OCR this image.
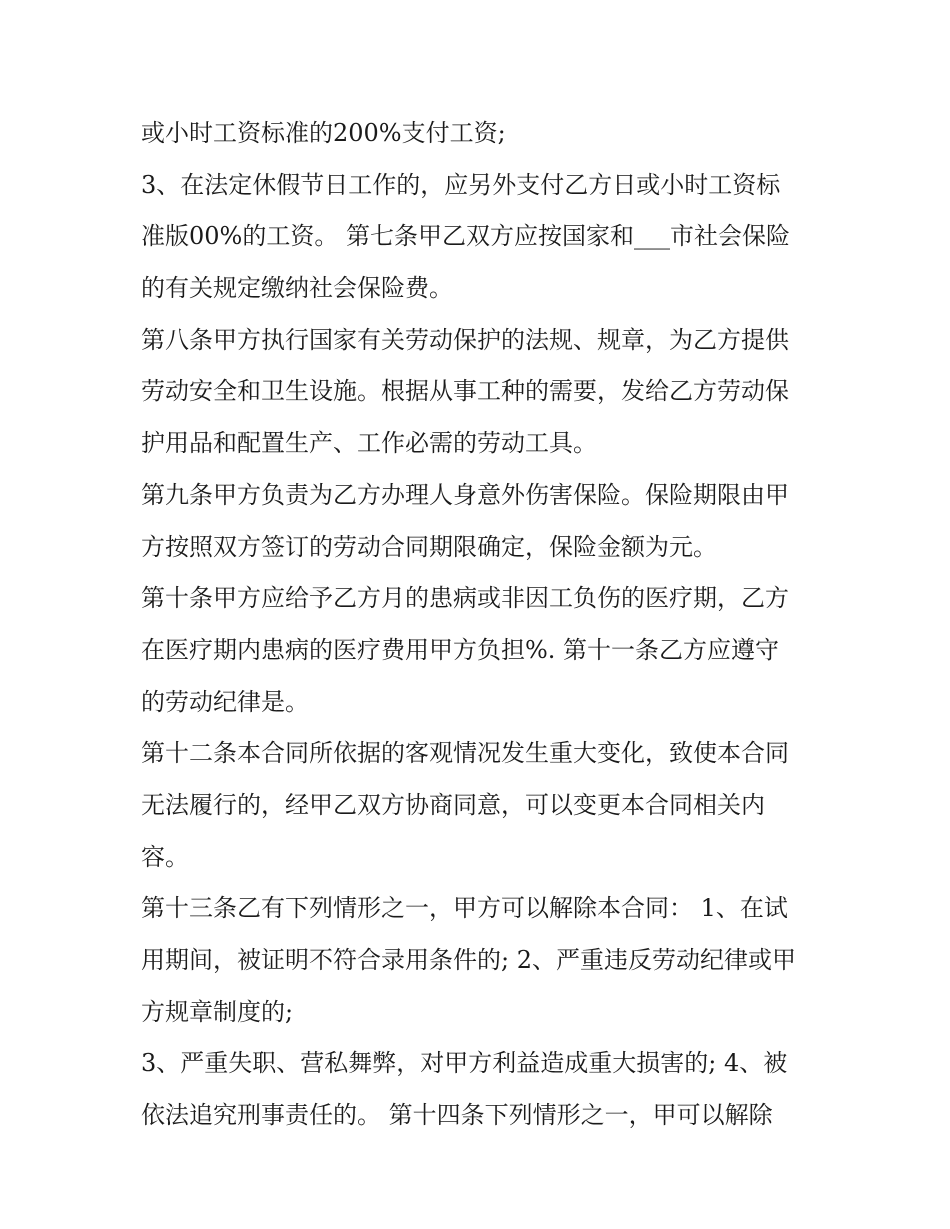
或小时工资标准的200%支付工资;
3、在法定休假节日工作的，应另外支付乙方日或小时工资标
准版00%的工资。 第七条甲乙双方应按国家和___市社会保险
的有关规定缴纳社会保险费。
第八条甲方执行国家有关劳动保护的法规、规章，为乙方提供
劳动安全和卫生设施。根据从事工种的需要，发给乙方劳动保
护用品和配置生产、工作必需的劳动工具。
第九条甲方负责为乙方办理人身意外伤害保险。保险期限由甲
方按照双方签订的劳动合同期限确定，保险金额为元。
第十条甲方应给予乙方月的患病或非因工负伤的医疗期，乙方
在医疗期内患病的医疗费用甲方负担%. 第十一条乙方应遵守
的劳动纪律是。
第十二条本合同所依据的客观情况发生重大变化，致使本合同
无法履行的，经甲乙双方协商同意，可以变更本合同相关内
容。
第十三条乙有下列情形之一，甲方可以解除本合同： 1、在试
用期间，被证明不符合录用条件的; 2、严重违反劳动纪律或甲
方规章制度的;
3、严重失职、营私舞弊，对甲方利益造成重大损害的; 4、被
依法追究刑事责任的。 第十四条下列情形之一，甲可以解除
